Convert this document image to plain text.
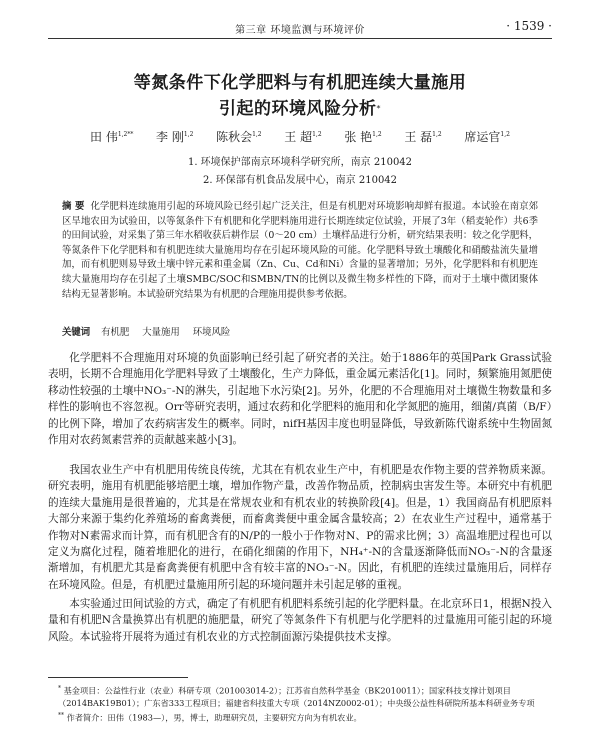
第三章 环境监测与环境评价	· 1539 ·
等氮条件下化学肥料与有机肥连续大量施用
引起的环境风险分析*
田 伟$^{1,2**}$ 李 刚$^{1,2}$ 陈秋会$^{1,2}$ 王 超$^{1,2}$ 张 艳$^{1,2}$ 王 磊$^{1,2}$ 席运官$^{1,2}$
1. 环境保护部南京环境科学研究所，南京 210042
2. 环保部有机食品发展中心，南京 210042
摘 要 化学肥料连续施用引起的环境风险已经引起广泛关注，但是有机肥对环境影响却鲜有报道。本试验在南京郊区旱地农田为试验田，以等氮条件下有机肥和化学肥料施用进行长期连续定位试验，开展了3年（稻麦轮作）共6季的田间试验，对采集了第三年水稻收获后耕作层（0～20 cm）土壤样品进行分析，研究结果表明：较之化学肥料，等氮条件下化学肥料和有机肥连续大量施用均存在引起环境风险的可能。化学肥料导致土壤酸化和硝酸盐流失量增加，而有机肥则易导致土壤中锌元素和重金属（Zn、Cu、Cd和Ni）含量的显著增加；另外，化学肥料和有机肥连续大量施用均存在引起了土壤SMBC/SOC和SMBN/TN的比例以及微生物多样性的下降，而对于土壤中微团聚体结构无显著影响。本试验研究结果为有机肥的合理施用提供参考依据。
关键词 有机肥 大量施用 环境风险

化学肥料不合理施用对环境的负面影响已经引起了研究者的关注。始于1886年的英国Park Grass试验表明，长期不合理施用化学肥料导致了土壤酸化，生产力降低，重金属元素活化[1]。同时，频繁施用氮肥使移动性较强的土壤中NO₃⁻-N的淋失，引起地下水污染[2]。另外，化肥的不合理施用对土壤微生物数量和多样性的影响也不容忽视。Orr等研究表明，通过农药和化学肥料的施用和化学氮肥的施用，细菌/真菌（B/F）的比例下降，增加了农药病害发生的概率。同时，nifH基因丰度也明显降低，导致新陈代谢系统中生物固氮作用对农药氮素营养的贡献越来越小[3]。

我国农业生产中有机肥用传统良传统，尤其在有机农业生产中，有机肥是农作物主要的营养物质来源。研究表明，施用有机肥能够培肥土壤，增加作物产量，改善作物品质，控制病虫害发生等。本研究中有机肥的连续大量施用是很普遍的，尤其是在常规农业和有机农业的转换阶段[4]。但是，1）我国商品有机肥原料大部分来源于集约化养殖场的畜禽粪便，而畜禽粪便中重金属含量较高；2）在农业生产过程中，通常基于作物对N素需求而计算，而有机肥含有的N/P的一般小于作物对N、P的需求比例；3）高温堆肥过程也可以定义为腐化过程，随着堆肥化的进行，在硝化细菌的作用下，NH₄⁺-N的含量逐渐降低而NO₃⁻-N的含量逐渐增加，有机肥尤其是畜禽粪便有机肥中含有较丰富的NO₃⁻-N。因此，有机肥的连续过量施用后，同样存在环境风险。但是，有机肥过量施用所引起的环境问题并未引起足够的重视。

本实验通过田间试验的方式，确定了有机肥有机肥料系统引起的化学肥料量。在北京环日1，根据N投入量和有机肥N含量换算出有机肥的施肥量，研究了等氮条件下有机肥与化学肥料的过量施用可能引起的环境风险。本试验将开展将为通过有机农业的方式控制面源污染提供技术支撑。

* 基金项目：公益性行业（农业）科研专项（201003014-2）；江苏省自然科学基金（BK2010011）；国家科技支撑计划项目（2014BAK19B01）；广东省333工程项目；福建省科技重大专项（2014NZ0002-01）；中央级公益性科研院所基本科研业务专项

** 作者简介：田伟（1983—），男，博士，助理研究员，主要研究方向为有机农业。
